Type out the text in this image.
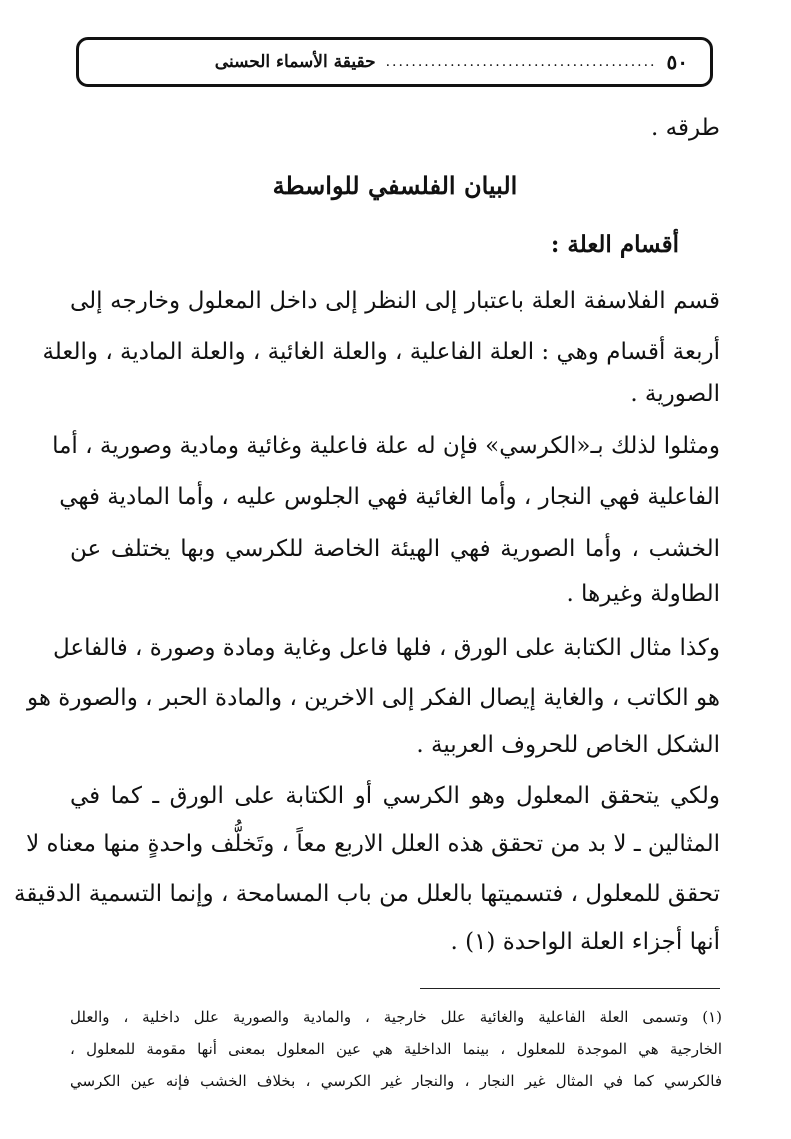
٥٠
..........................................
حقيقة الأسماء الحسنى
طرقه .
البيان الفلسفي للواسطة
أقسام العلة :
قسم الفلاسفة العلة باعتبار إلى النظر إلى داخل المعلول وخارجه إلى
أربعة أقسام وهي : العلة الفاعلية ، والعلة الغائية ، والعلة المادية ، والعلة
الصورية .
ومثلوا لذلك بـ«الكرسي» فإن له علة فاعلية وغائية ومادية وصورية ، أما
الفاعلية فهي النجار ، وأما الغائية فهي الجلوس عليه ، وأما المادية فهي
الخشب ، وأما الصورية فهي الهيئة الخاصة للكرسي وبها يختلف عن
الطاولة وغيرها .
وكذا مثال الكتابة على الورق ، فلها فاعل وغاية ومادة وصورة ، فالفاعل
هو الكاتب ، والغاية إيصال الفكر إلى الاخرين ، والمادة الحبر ، والصورة هو
الشكل الخاص للحروف العربية .
ولكي يتحقق المعلول وهو الكرسي أو الكتابة على الورق ـ كما في
المثالين ـ لا بد من تحقق هذه العلل الاربع معاً ، وتَخلُّف واحدةٍ منها معناه لا
تحقق للمعلول ، فتسميتها بالعلل من باب المسامحة ، وإنما التسمية الدقيقة
أنها أجزاء العلة الواحدة (١) .
(١) وتسمى العلة الفاعلية والغائية علل خارجية ، والمادية والصورية علل داخلية ، والعلل
الخارجية هي الموجدة للمعلول ، بينما الداخلية هي عين المعلول بمعنى أنها مقومة للمعلول ،
فالكرسي كما في المثال غير النجار ، والنجار غير الكرسي ، بخلاف الخشب فإنه عين الكرسي
